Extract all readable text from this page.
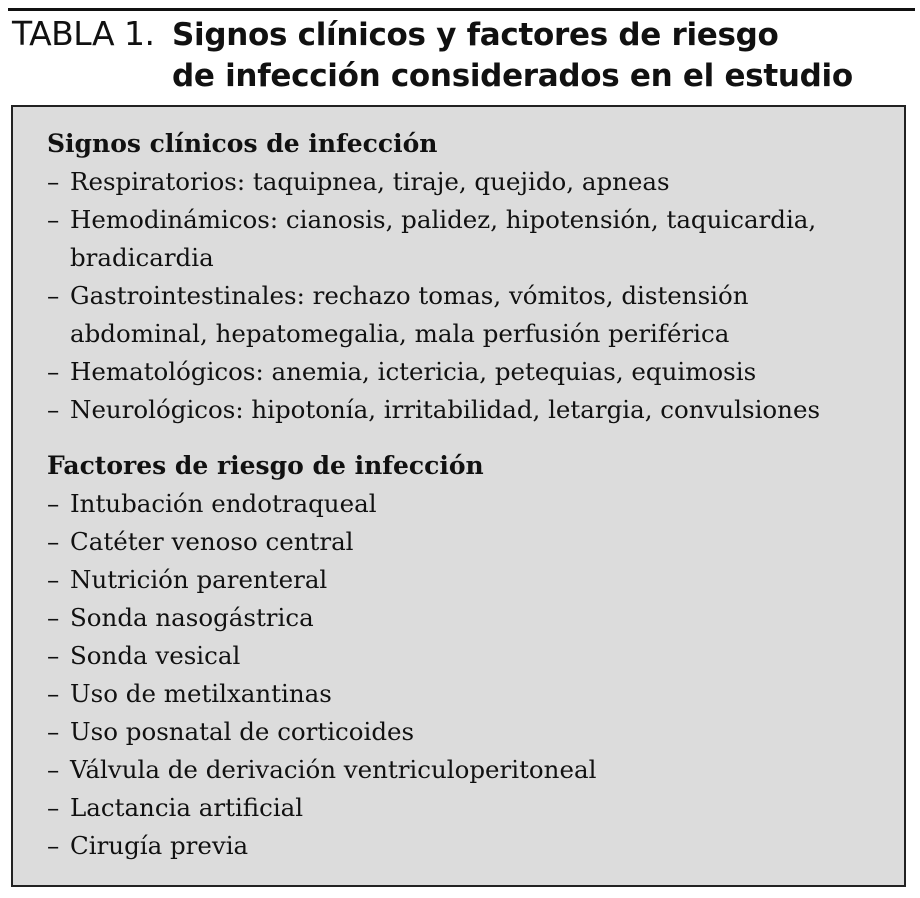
TABLA 1. Signos clínicos y factores de riesgo
de infección considerados en el estudio
Signos clínicos de infección
– Respiratorios: taquipnea, tiraje, quejido, apneas
– Hemodinámicos: cianosis, palidez, hipotensión, taquicardia,
bradicardia
– Gastrointestinales: rechazo tomas, vómitos, distensión
abdominal, hepatomegalia, mala perfusión periférica
– Hematológicos: anemia, ictericia, petequias, equimosis
– Neurológicos: hipotonía, irritabilidad, letargia, convulsiones
Factores de riesgo de infección
– Intubación endotraqueal
– Catéter venoso central
– Nutrición parenteral
– Sonda nasogástrica
– Sonda vesical
– Uso de metilxantinas
– Uso posnatal de corticoides
– Válvula de derivación ventriculoperitoneal
– Lactancia artificial
– Cirugía previa
